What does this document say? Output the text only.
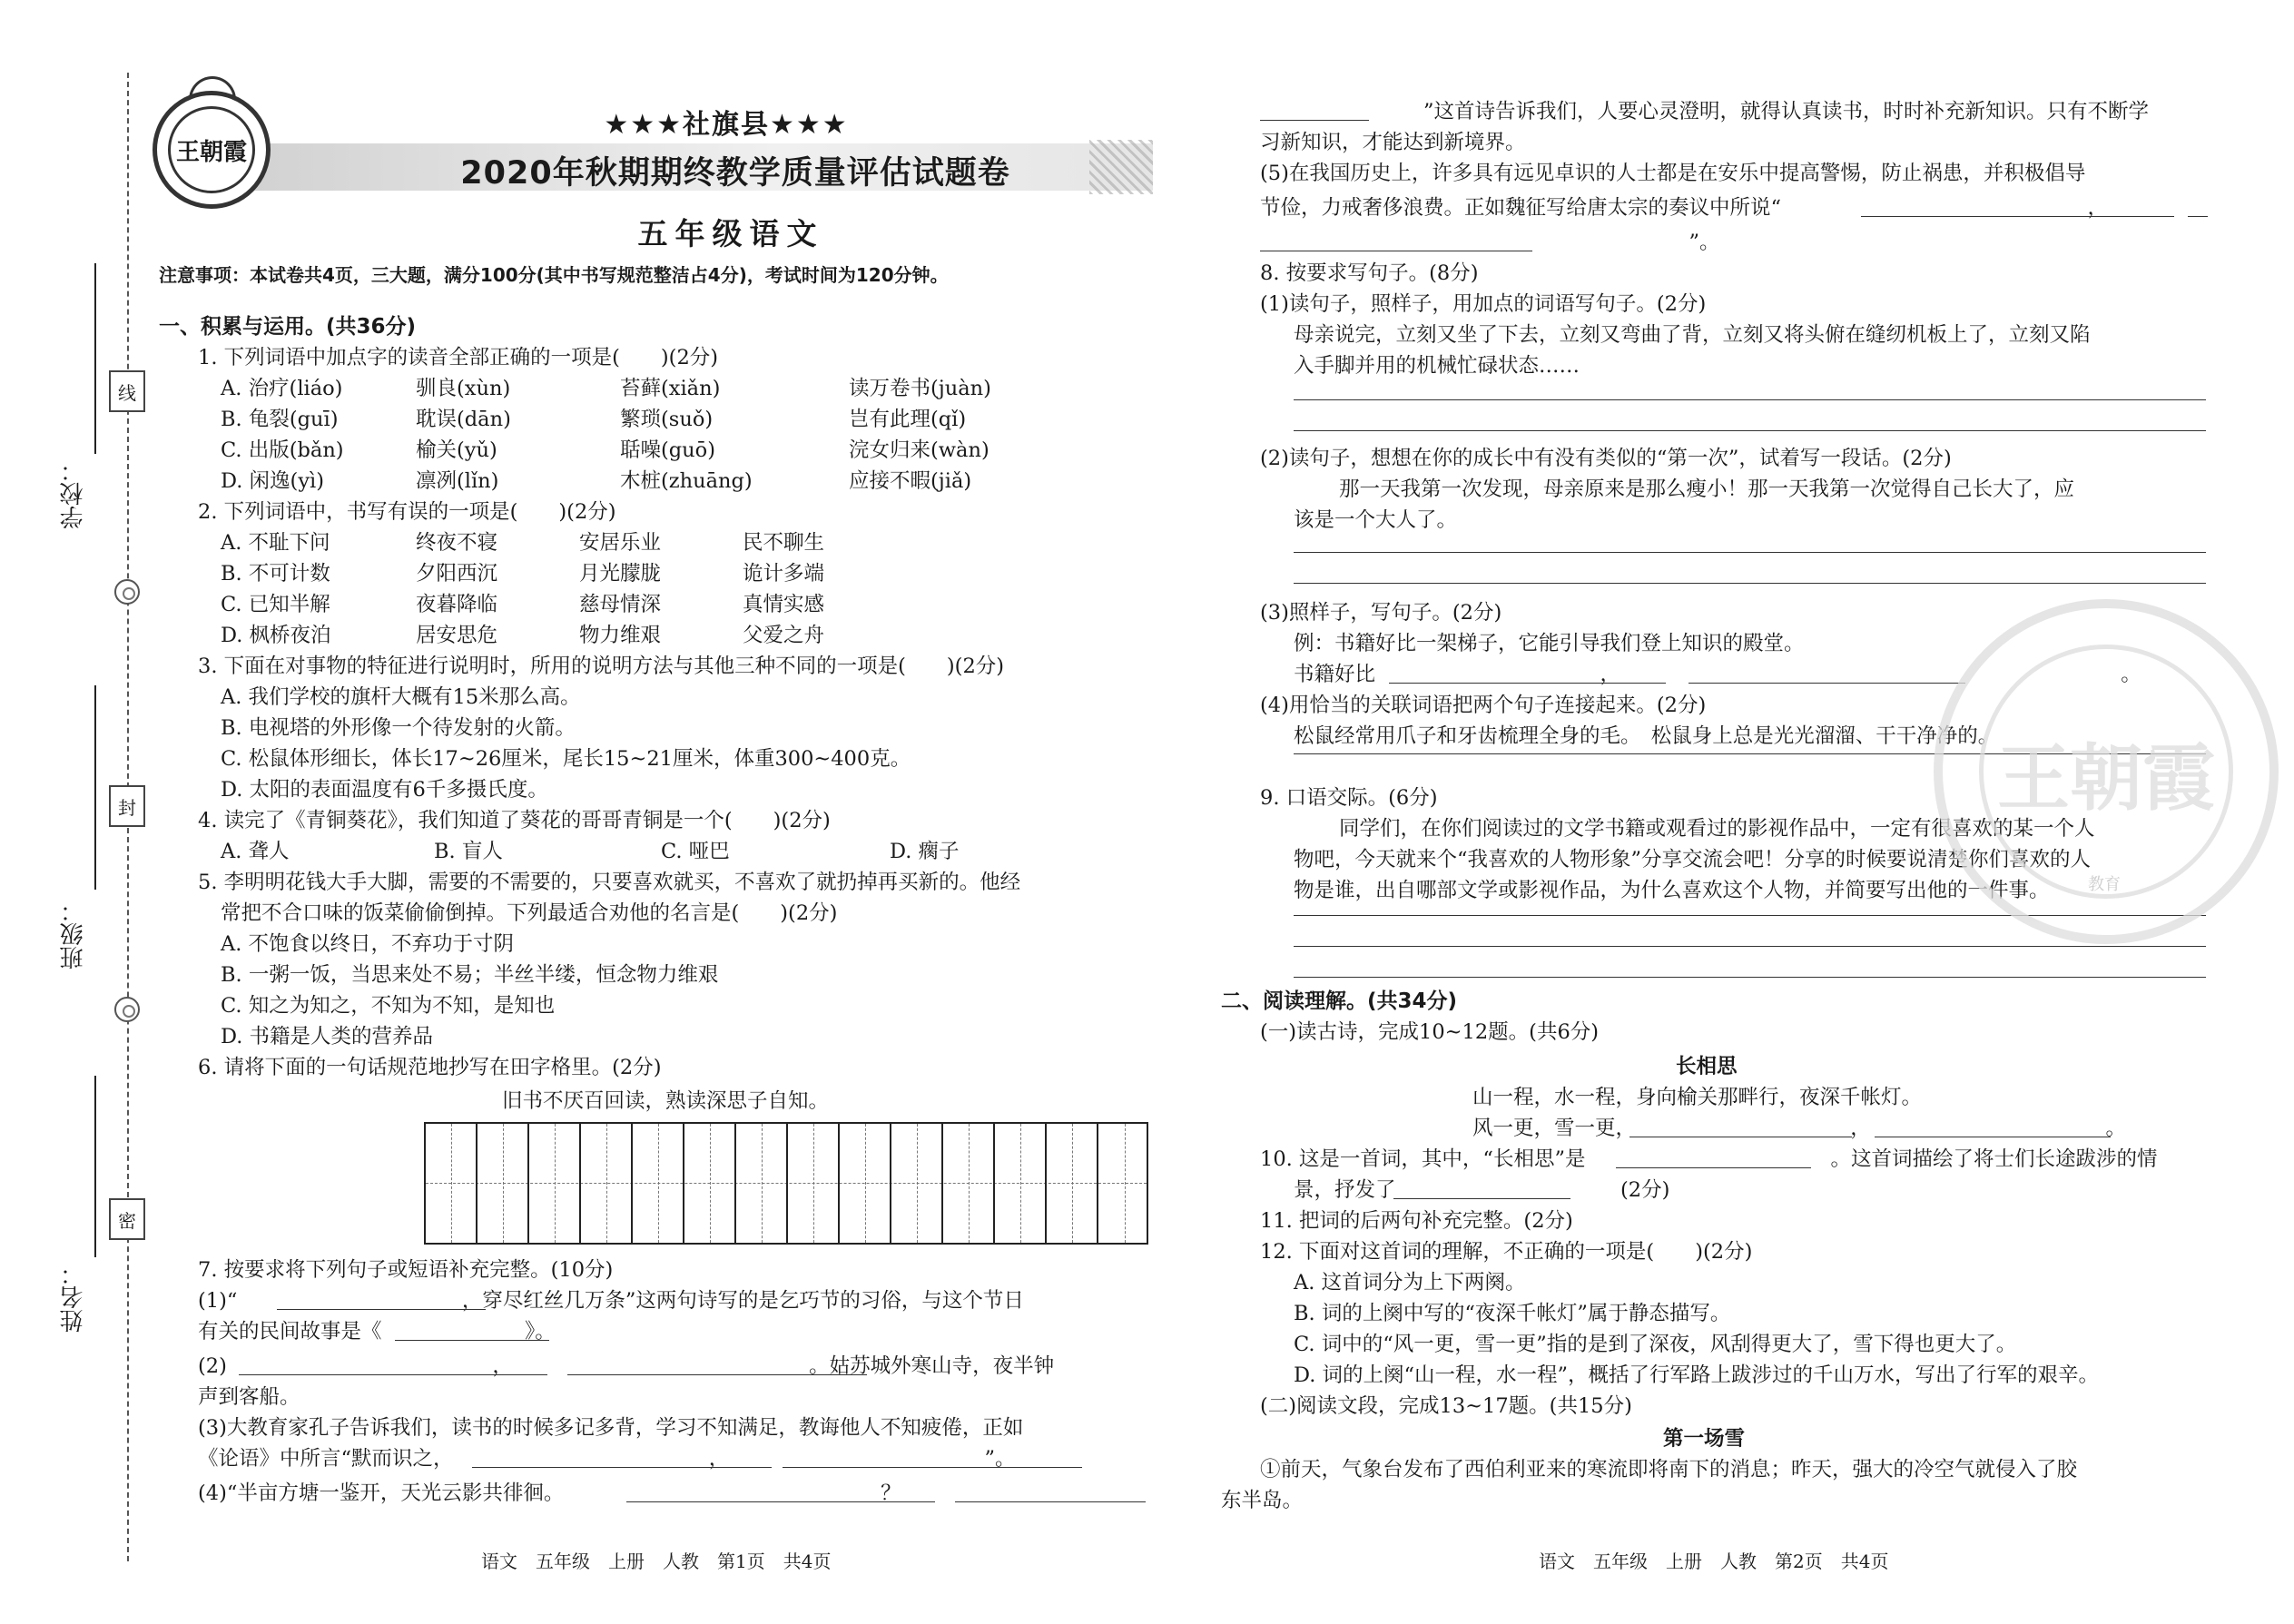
线
封
密
学校：
班级：
姓名：
王朝霞
★★★社旗县★★★
2020年秋期期终教学质量评估试题卷
五年级语文
注意事项：本试卷共4页，三大题，满分100分(其中书写规范整洁占4分)，考试时间为120分钟。
一、积累与运用。(共36分)
1. 下列词语中加点字的读音全部正确的一项是(　　)(2分)
A. 治疗(liáo)	驯良(xùn)	苔藓(xiǎn)	读万卷书(juàn)
B. 龟裂(guī)	耽误(dān)	繁琐(suǒ)	岂有此理(qǐ)
C. 出版(bǎn)	榆关(yǔ)	聒噪(guō)	浣女归来(wàn)
D. 闲逸(yì)	凛冽(lǐn)	木桩(zhuāng)	应接不暇(jiǎ)
2. 下列词语中，书写有误的一项是(　　)(2分)
A. 不耻下问	终夜不寝	安居乐业	民不聊生
B. 不可计数	夕阳西沉	月光朦胧	诡计多端
C. 已知半解	夜暮降临	慈母情深	真情实感
D. 枫桥夜泊	居安思危	物力维艰	父爱之舟
3. 下面在对事物的特征进行说明时，所用的说明方法与其他三种不同的一项是(　　)(2分)
A. 我们学校的旗杆大概有15米那么高。
B. 电视塔的外形像一个待发射的火箭。
C. 松鼠体形细长，体长17~26厘米，尾长15~21厘米，体重300~400克。
D. 太阳的表面温度有6千多摄氏度。
4. 读完了《青铜葵花》，我们知道了葵花的哥哥青铜是一个(　　)(2分)
A. 聋人	B. 盲人	C. 哑巴	D. 瘸子
5. 李明明花钱大手大脚，需要的不需要的，只要喜欢就买，不喜欢了就扔掉再买新的。他经
常把不合口味的饭菜偷偷倒掉。下列最适合劝他的名言是(　　)(2分)
A. 不饱食以终日，不弃功于寸阴
B. 一粥一饭，当思来处不易；半丝半缕，恒念物力维艰
C. 知之为知之，不知为不知，是知也
D. 书籍是人类的营养品
6. 请将下面的一句话规范地抄写在田字格里。(2分)
旧书不厌百回读，熟读深思子自知。
7. 按要求将下列句子或短语补充完整。(10分)
(1)“　　　　　　　　　　　，穿尽红丝几万条”这两句诗写的是乞巧节的习俗，与这个节日
有关的民间故事是《　　　　　　　》。
(2)　　　　　　　　　　　　　，　　　　　　　　　　　　　　　。姑苏城外寒山寺，夜半钟
声到客船。
(3)大教育家孔子告诉我们，读书的时候多记多背，学习不知满足，教诲他人不知疲倦，正如
《论语》中所言“默而识之，　　　　　　　　　　　　　，　　　　　　　　　　　　　”。
(4)“半亩方塘一鉴开，天光云影共徘徊。　　　　　　　　　　　　　　　　？
　　　　　　　　”这首诗告诉我们，人要心灵澄明，就得认真读书，时时补充新知识。只有不断学
习新知识，才能达到新境界。
(5)在我国历史上，许多具有远见卓识的人士都是在安乐中提高警惕，防止祸患，并积极倡导
节俭，力戒奢侈浪费。正如魏征写给唐太宗的奏议中所说“　　　　　　　　　　　　　　　，　
　　　　　　　　　　　　　　　　　　　　　”。
8. 按要求写句子。(8分)
(1)读句子，照样子，用加点的词语写句子。(2分)
母亲说完，立刻又坐了下去，立刻又弯曲了背，立刻又将头俯在缝纫机板上了，立刻又陷
入手脚并用的机械忙碌状态……
(2)读句子，想想在你的成长中有没有类似的“第一次”，试着写一段话。(2分)
那一天我第一次发现，母亲原来是那么瘦小！那一天我第一次觉得自己长大了，应
该是一个大人了。
(3)照样子，写句子。(2分)
例：书籍好比一架梯子，它能引导我们登上知识的殿堂。
书籍好比　　　　　　　　　　　，　　　　　　　　　　　　　　　　　　　　　　　　　。
(4)用恰当的关联词语把两个句子连接起来。(2分)
松鼠经常用爪子和牙齿梳理全身的毛。　松鼠身上总是光光溜溜、干干净净的。
9. 口语交际。(6分)
同学们，在你们阅读过的文学书籍或观看过的影视作品中，一定有很喜欢的某一个人
物吧，今天就来个“我喜欢的人物形象”分享交流会吧！分享的时候要说清楚你们喜欢的人
物是谁，出自哪部文学或影视作品，为什么喜欢这个人物，并简要写出他的一件事。
二、阅读理解。(共34分)
(一)读古诗，完成10~12题。(共6分)
长相思
山一程，水一程，身向榆关那畔行，夜深千帐灯。
风一更，雪一更，　　　　　　　　　　　，　　　　　　　　　　　　。
10. 这是一首词，其中，“长相思”是　　　　　　　　　　　　。这首词描绘了将士们长途跋涉的情
景，抒发了　　　　　　　　　　　(2分)
11. 把词的后两句补充完整。(2分)
12. 下面对这首词的理解，不正确的一项是(　　)(2分)
A. 这首词分为上下两阕。
B. 词的上阕中写的“夜深千帐灯”属于静态描写。
C. 词中的“风一更，雪一更”指的是到了深夜，风刮得更大了，雪下得也更大了。
D. 词的上阕“山一程，水一程”，概括了行军路上跋涉过的千山万水，写出了行军的艰辛。
(二)阅读文段，完成13~17题。(共15分)
第一场雪
①前天，气象台发布了西伯利亚来的寒流即将南下的消息；昨天，强大的冷空气就侵入了胶
东半岛。
王朝霞
教育
语文　五年级　上册　人教　第1页　共4页	语文　五年级　上册　人教　第2页　共4页
